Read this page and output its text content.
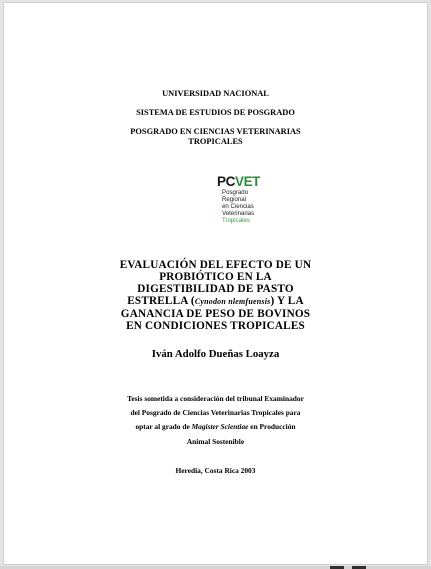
UNIVERSIDAD NACIONAL
SISTEMA DE ESTUDIOS DE POSGRADO
POSGRADO EN CIENCIAS VETERINARIAS
TROPICALES
PCVET
Posgrado
Regional
en Ciencias
Veterinarias
Tropicales
EVALUACIÓN DEL EFECTO DE UN
PROBIÓTICO EN LA
DIGESTIBILIDAD DE PASTO
ESTRELLA (Cynodon nlemfuensis) Y LA
GANANCIA DE PESO DE BOVINOS
EN CONDICIONES TROPICALES
Iván Adolfo Dueñas Loayza
Tesis sometida a consideración del tribunal Examinador
del Posgrado de Ciencias Veterinarias Tropicales para
optar al grado de Magister Scientiae en Producción
Animal Sostenible
Heredia, Costa Rica 2003
